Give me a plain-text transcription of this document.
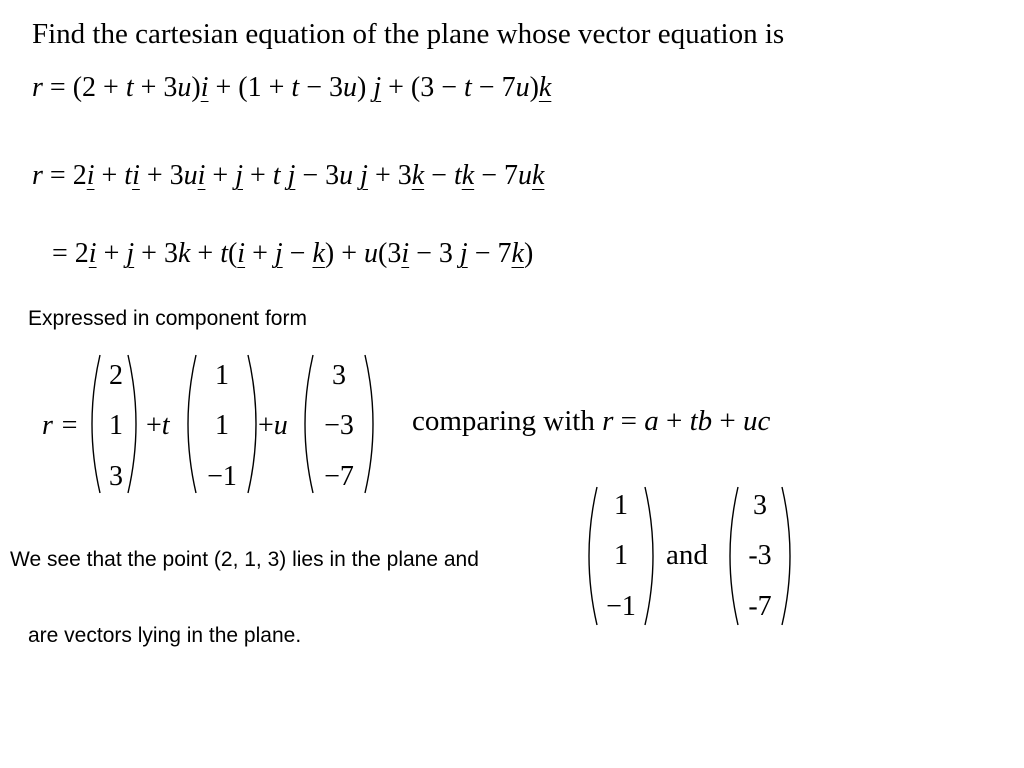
Find the cartesian equation of the plane whose vector equation is
r = (2 + t + 3u)i + (1 + t − 3u) j + (3 − t − 7u)k
r = 2i + ti + 3ui + j + t j − 3u j + 3k − tk − 7uk
= 2i + j + 3k + t(i + j − k) + u(3i − 3 j − 7k)
Expressed in component form
r =
2
1
3
+t
1
1
−1
+u
3
−3
−7
comparing with r = a + tb + uc
1
1
−1
and
3
-3
-7
We see that the point (2, 1, 3) lies in the plane and
are vectors lying in the plane.
